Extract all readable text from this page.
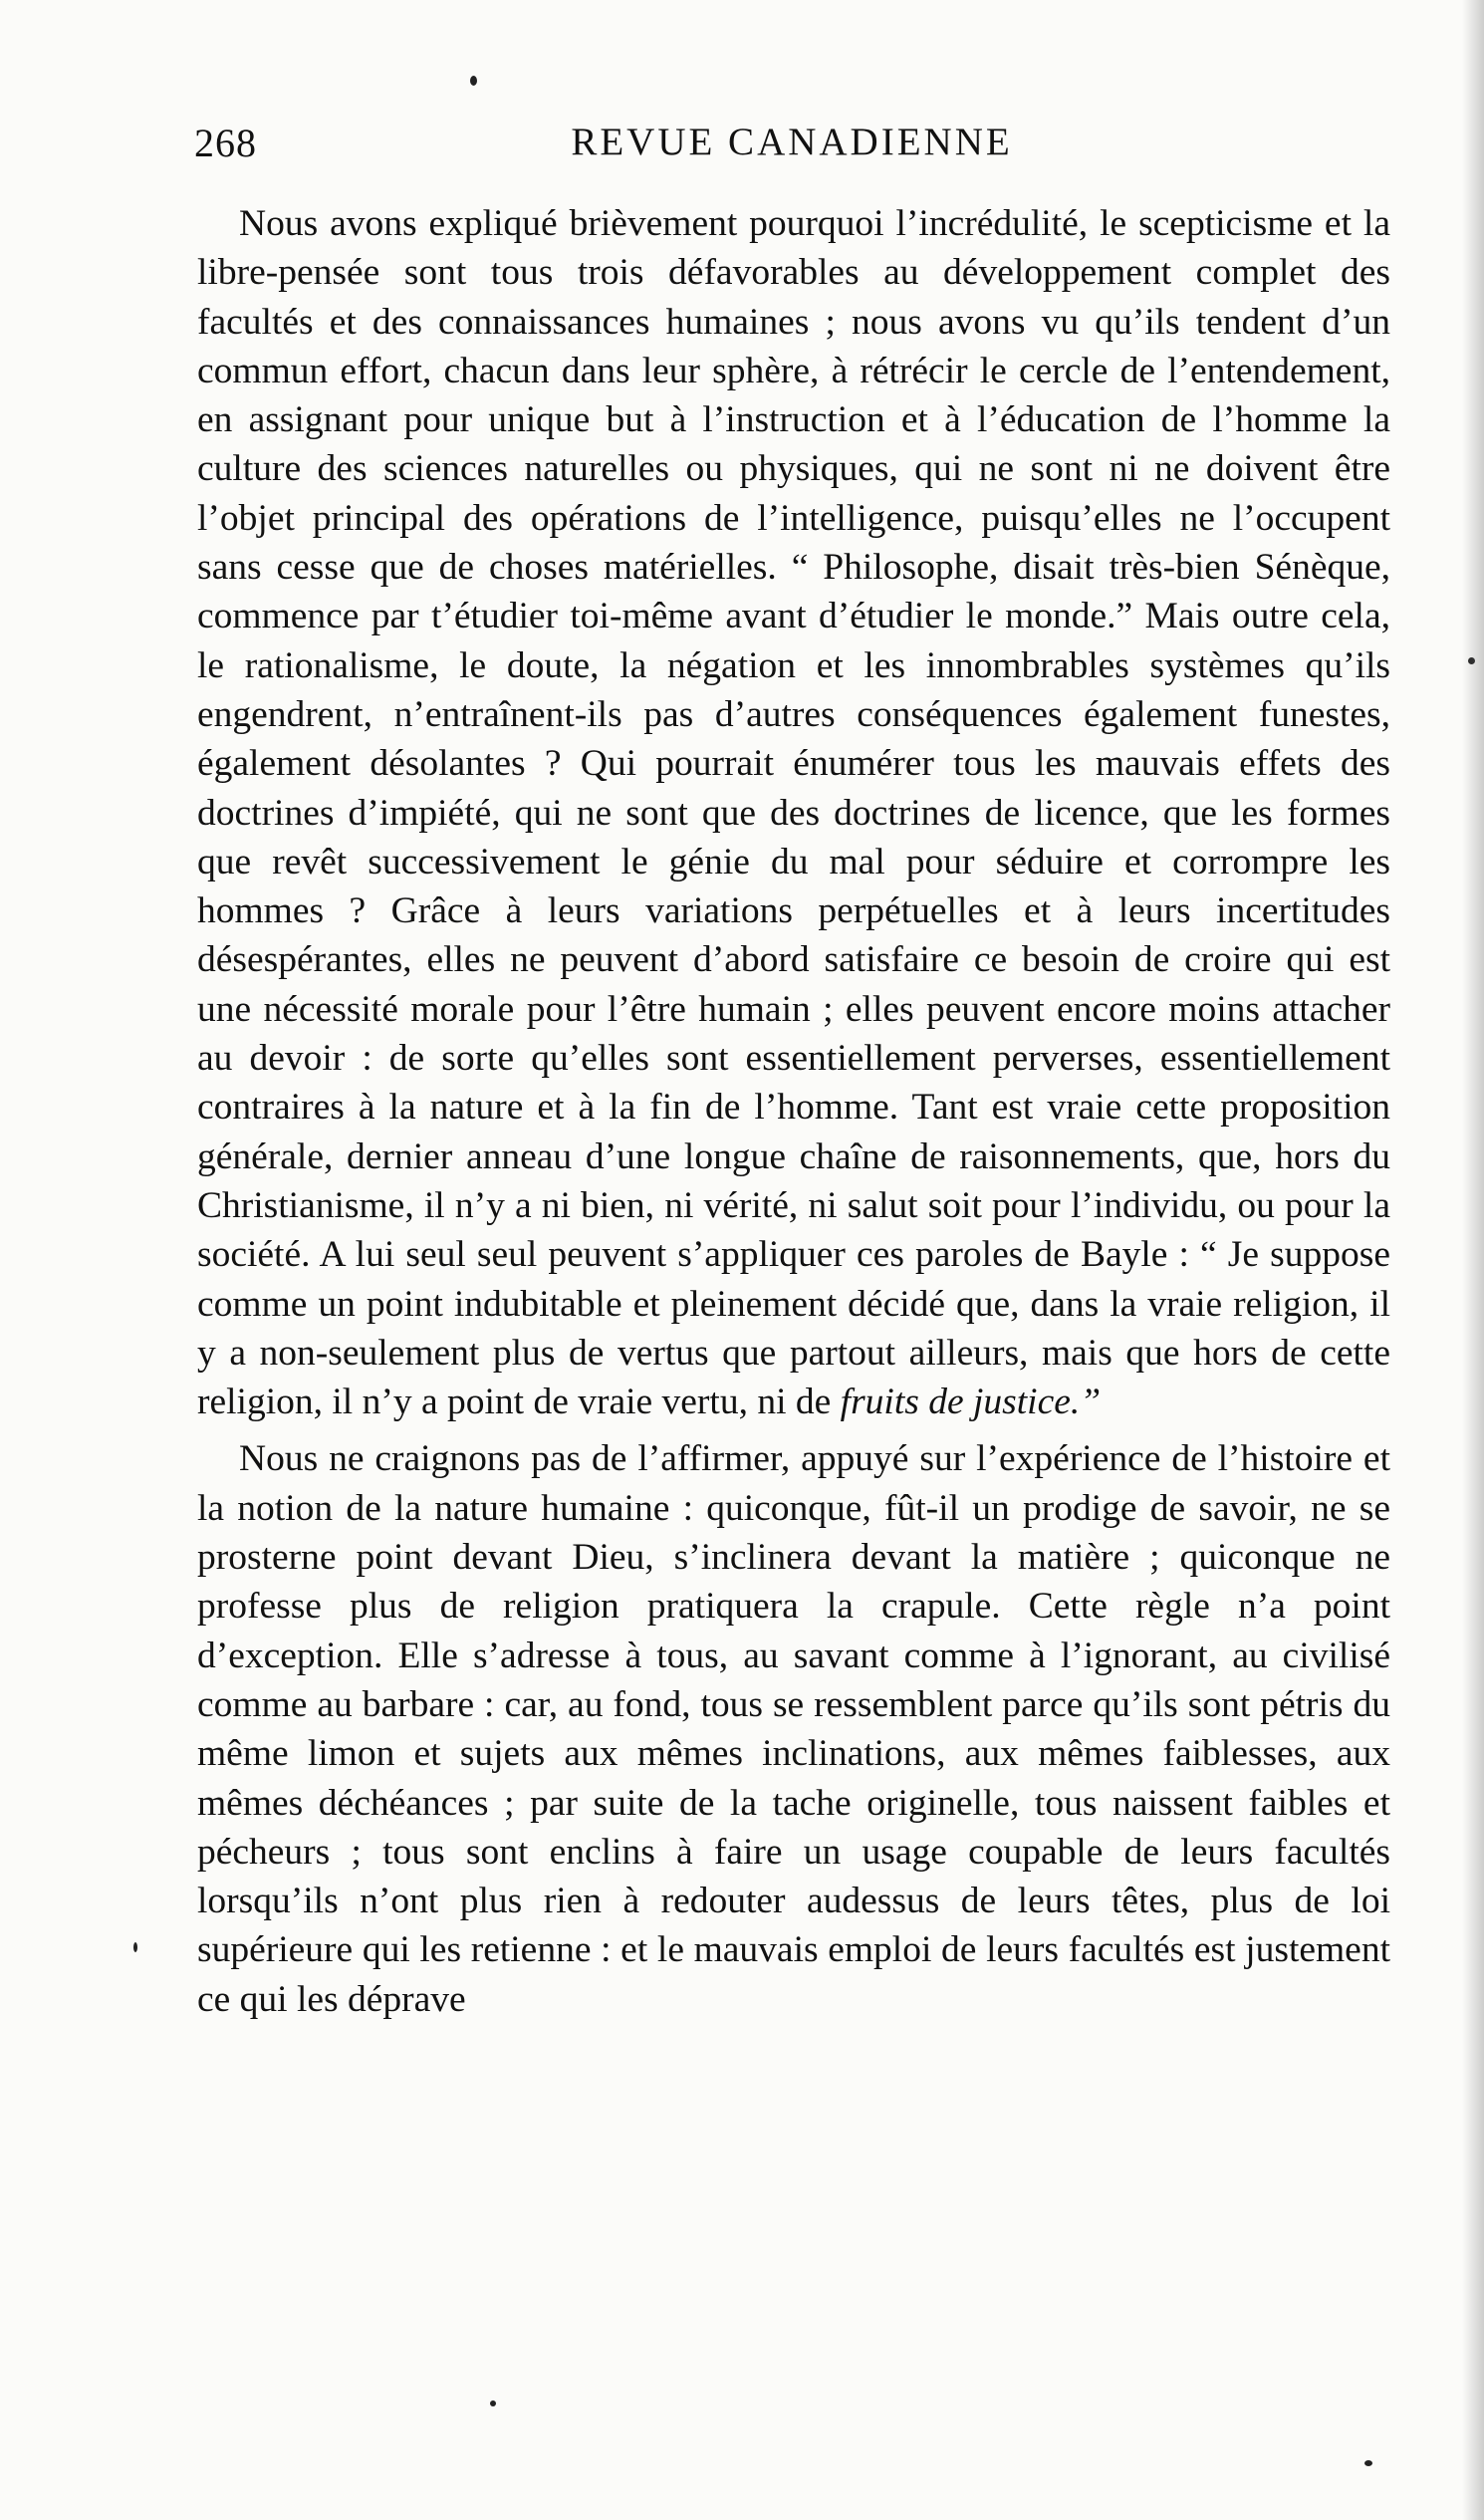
268	REVUE CANADIENNE

Nous avons expliqué brièvement pourquoi l’incrédulité, le scepticisme et la libre-pensée sont tous trois défavorables au développement complet des facultés et des connaissances humaines ; nous avons vu qu’ils tendent d’un commun effort, chacun dans leur sphère, à rétrécir le cercle de l’entendement, en assignant pour unique but à l’instruction et à l’éducation de l’homme la culture des sciences naturelles ou physiques, qui ne sont ni ne doivent être l’objet principal des opérations de l’intelligence, puisqu’elles ne l’occupent sans cesse que de choses matérielles. “ Philosophe, disait très-bien Sénèque, commence par t’étudier toi-même avant d’étudier le monde.” Mais outre cela, le rationalisme, le doute, la négation et les innombrables systèmes qu’ils engendrent, n’entraînent-ils pas d’autres conséquences également funestes, également désolantes ? Qui pourrait énumérer tous les mauvais effets des doctrines d’impiété, qui ne sont que des doctrines de licence, que les formes que revêt successivement le génie du mal pour séduire et corrompre les hommes ? Grâce à leurs variations perpétuelles et à leurs incertitudes désespérantes, elles ne peuvent d’abord satisfaire ce besoin de croire qui est une nécessité morale pour l’être humain ; elles peuvent encore moins attacher au devoir : de sorte qu’elles sont essentiellement perverses, essentiellement contraires à la nature et à la fin de l’homme. Tant est vraie cette proposition générale, dernier anneau d’une longue chaîne de raisonnements, que, hors du Christianisme, il n’y a ni bien, ni vérité, ni salut soit pour l’individu, ou pour la société. A lui seul seul peuvent s’appliquer ces paroles de Bayle : “ Je suppose comme un point indubitable et pleinement décidé que, dans la vraie religion, il y a non-seulement plus de vertus que partout ailleurs, mais que hors de cette religion, il n’y a point de vraie vertu, ni de fruits de justice.”

Nous ne craignons pas de l’affirmer, appuyé sur l’expérience de l’histoire et la notion de la nature humaine : quiconque, fût-il un prodige de savoir, ne se prosterne point devant Dieu, s’inclinera devant la matière ; quiconque ne professe plus de religion pratiquera la crapule. Cette règle n’a point d’exception. Elle s’adresse à tous, au savant comme à l’ignorant, au civilisé comme au barbare : car, au fond, tous se ressemblent parce qu’ils sont pétris du même limon et sujets aux mêmes inclinations, aux mêmes faiblesses, aux mêmes déchéances ; par suite de la tache originelle, tous naissent faibles et pécheurs ; tous sont enclins à faire un usage coupable de leurs facultés lorsqu’ils n’ont plus rien à redouter audessus de leurs têtes, plus de loi supérieure qui les retienne : et le mauvais emploi de leurs facultés est justement ce qui les déprave
